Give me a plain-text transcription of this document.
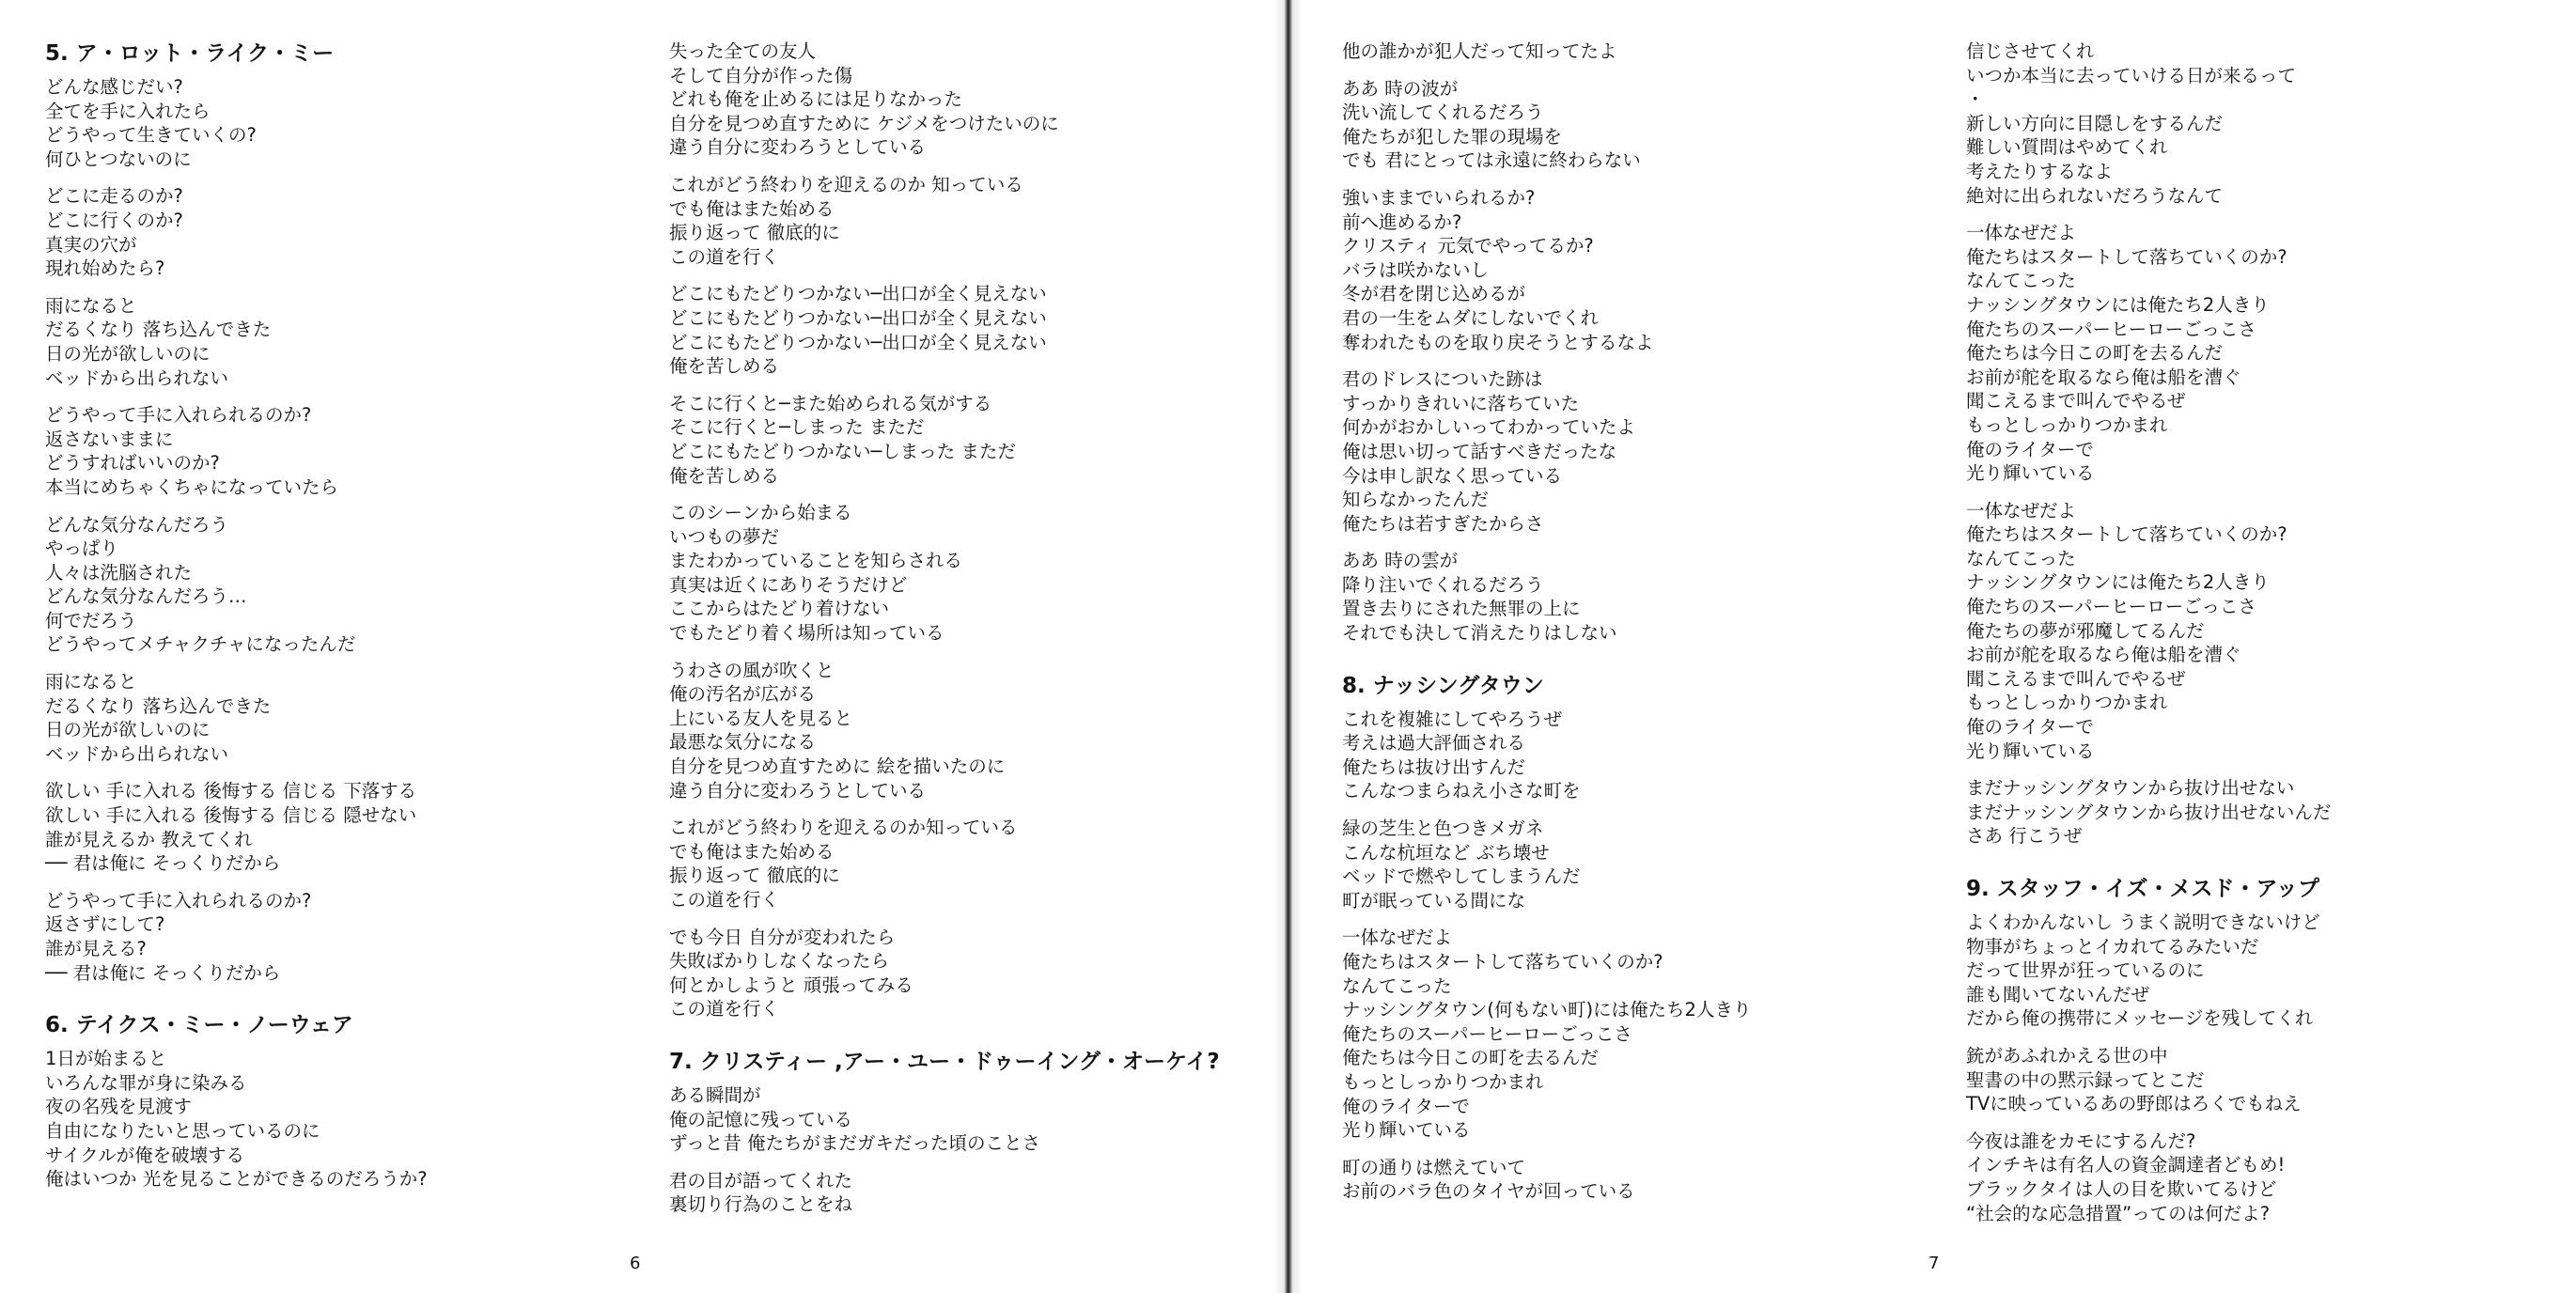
5. ア・ロット・ライク・ミー
どんな感じだい?
全てを手に入れたら
どうやって生きていくの?
何ひとつないのに
どこに走るのか?
どこに行くのか?
真実の穴が
現れ始めたら?
雨になると
だるくなり 落ち込んできた
日の光が欲しいのに
ベッドから出られない
どうやって手に入れられるのか?
返さないままに
どうすればいいのか?
本当にめちゃくちゃになっていたら
どんな気分なんだろう
やっぱり
人々は洗脳された
どんな気分なんだろう…
何でだろう
どうやってメチャクチャになったんだ
雨になると
だるくなり 落ち込んできた
日の光が欲しいのに
ベッドから出られない
欲しい 手に入れる 後悔する 信じる 下落する
欲しい 手に入れる 後悔する 信じる 隠せない
誰が見えるか 教えてくれ
── 君は俺に そっくりだから
どうやって手に入れられるのか?
返さずにして?
誰が見える?
── 君は俺に そっくりだから
6. テイクス・ミー・ノーウェア
1日が始まると
いろんな罪が身に染みる
夜の名残を見渡す
自由になりたいと思っているのに
サイクルが俺を破壊する
俺はいつか 光を見ることができるのだろうか?
失った全ての友人
そして自分が作った傷
どれも俺を止めるには足りなかった
自分を見つめ直すために ケジメをつけたいのに
違う自分に変わろうとしている
これがどう終わりを迎えるのか 知っている
でも俺はまた始める
振り返って 徹底的に
この道を行く
どこにもたどりつかない─出口が全く見えない
どこにもたどりつかない─出口が全く見えない
どこにもたどりつかない─出口が全く見えない
俺を苦しめる
そこに行くと─また始められる気がする
そこに行くと─しまった まただ
どこにもたどりつかない─しまった まただ
俺を苦しめる
このシーンから始まる
いつもの夢だ
またわかっていることを知らされる
真実は近くにありそうだけど
ここからはたどり着けない
でもたどり着く場所は知っている
うわさの風が吹くと
俺の汚名が広がる
上にいる友人を見ると
最悪な気分になる
自分を見つめ直すために 絵を描いたのに
違う自分に変わろうとしている
これがどう終わりを迎えるのか知っている
でも俺はまた始める
振り返って 徹底的に
この道を行く
でも今日 自分が変われたら
失敗ばかりしなくなったら
何とかしようと 頑張ってみる
この道を行く
7. クリスティー ,アー・ユー・ドゥーイング・オーケイ?
ある瞬間が
俺の記憶に残っている
ずっと昔 俺たちがまだガキだった頃のことさ
君の目が語ってくれた
裏切り行為のことをね
6
他の誰かが犯人だって知ってたよ
ああ 時の波が
洗い流してくれるだろう
俺たちが犯した罪の現場を
でも 君にとっては永遠に終わらない
強いままでいられるか?
前へ進めるか?
クリスティ 元気でやってるか?
バラは咲かないし
冬が君を閉じ込めるが
君の一生をムダにしないでくれ
奪われたものを取り戻そうとするなよ
君のドレスについた跡は
すっかりきれいに落ちていた
何かがおかしいってわかっていたよ
俺は思い切って話すべきだったな
今は申し訳なく思っている
知らなかったんだ
俺たちは若すぎたからさ
ああ 時の雲が
降り注いでくれるだろう
置き去りにされた無罪の上に
それでも決して消えたりはしない
8. ナッシングタウン
これを複雑にしてやろうぜ
考えは過大評価される
俺たちは抜け出すんだ
こんなつまらねえ小さな町を
緑の芝生と色つきメガネ
こんな杭垣など ぶち壊せ
ベッドで燃やしてしまうんだ
町が眠っている間にな
一体なぜだよ
俺たちはスタートして落ちていくのか?
なんてこった
ナッシングタウン(何もない町)には俺たち2人きり
俺たちのスーパーヒーローごっこさ
俺たちは今日この町を去るんだ
もっとしっかりつかまれ
俺のライターで
光り輝いている
町の通りは燃えていて
お前のバラ色のタイヤが回っている
信じさせてくれ
いつか本当に去っていける日が来るって
・
新しい方向に目隠しをするんだ
難しい質問はやめてくれ
考えたりするなよ
絶対に出られないだろうなんて
一体なぜだよ
俺たちはスタートして落ちていくのか?
なんてこった
ナッシングタウンには俺たち2人きり
俺たちのスーパーヒーローごっこさ
俺たちは今日この町を去るんだ
お前が舵を取るなら俺は船を漕ぐ
聞こえるまで叫んでやるぜ
もっとしっかりつかまれ
俺のライターで
光り輝いている
一体なぜだよ
俺たちはスタートして落ちていくのか?
なんてこった
ナッシングタウンには俺たち2人きり
俺たちのスーパーヒーローごっこさ
俺たちの夢が邪魔してるんだ
お前が舵を取るなら俺は船を漕ぐ
聞こえるまで叫んでやるぜ
もっとしっかりつかまれ
俺のライターで
光り輝いている
まだナッシングタウンから抜け出せない
まだナッシングタウンから抜け出せないんだ
さあ 行こうぜ
9. スタッフ・イズ・メスド・アップ
よくわかんないし うまく説明できないけど
物事がちょっとイカれてるみたいだ
だって世界が狂っているのに
誰も聞いてないんだぜ
だから俺の携帯にメッセージを残してくれ
銃があふれかえる世の中
聖書の中の黙示録ってとこだ
TVに映っているあの野郎はろくでもねえ
今夜は誰をカモにするんだ?
インチキは有名人の資金調達者どもめ!
ブラックタイは人の目を欺いてるけど
“社会的な応急措置”ってのは何だよ?
7
